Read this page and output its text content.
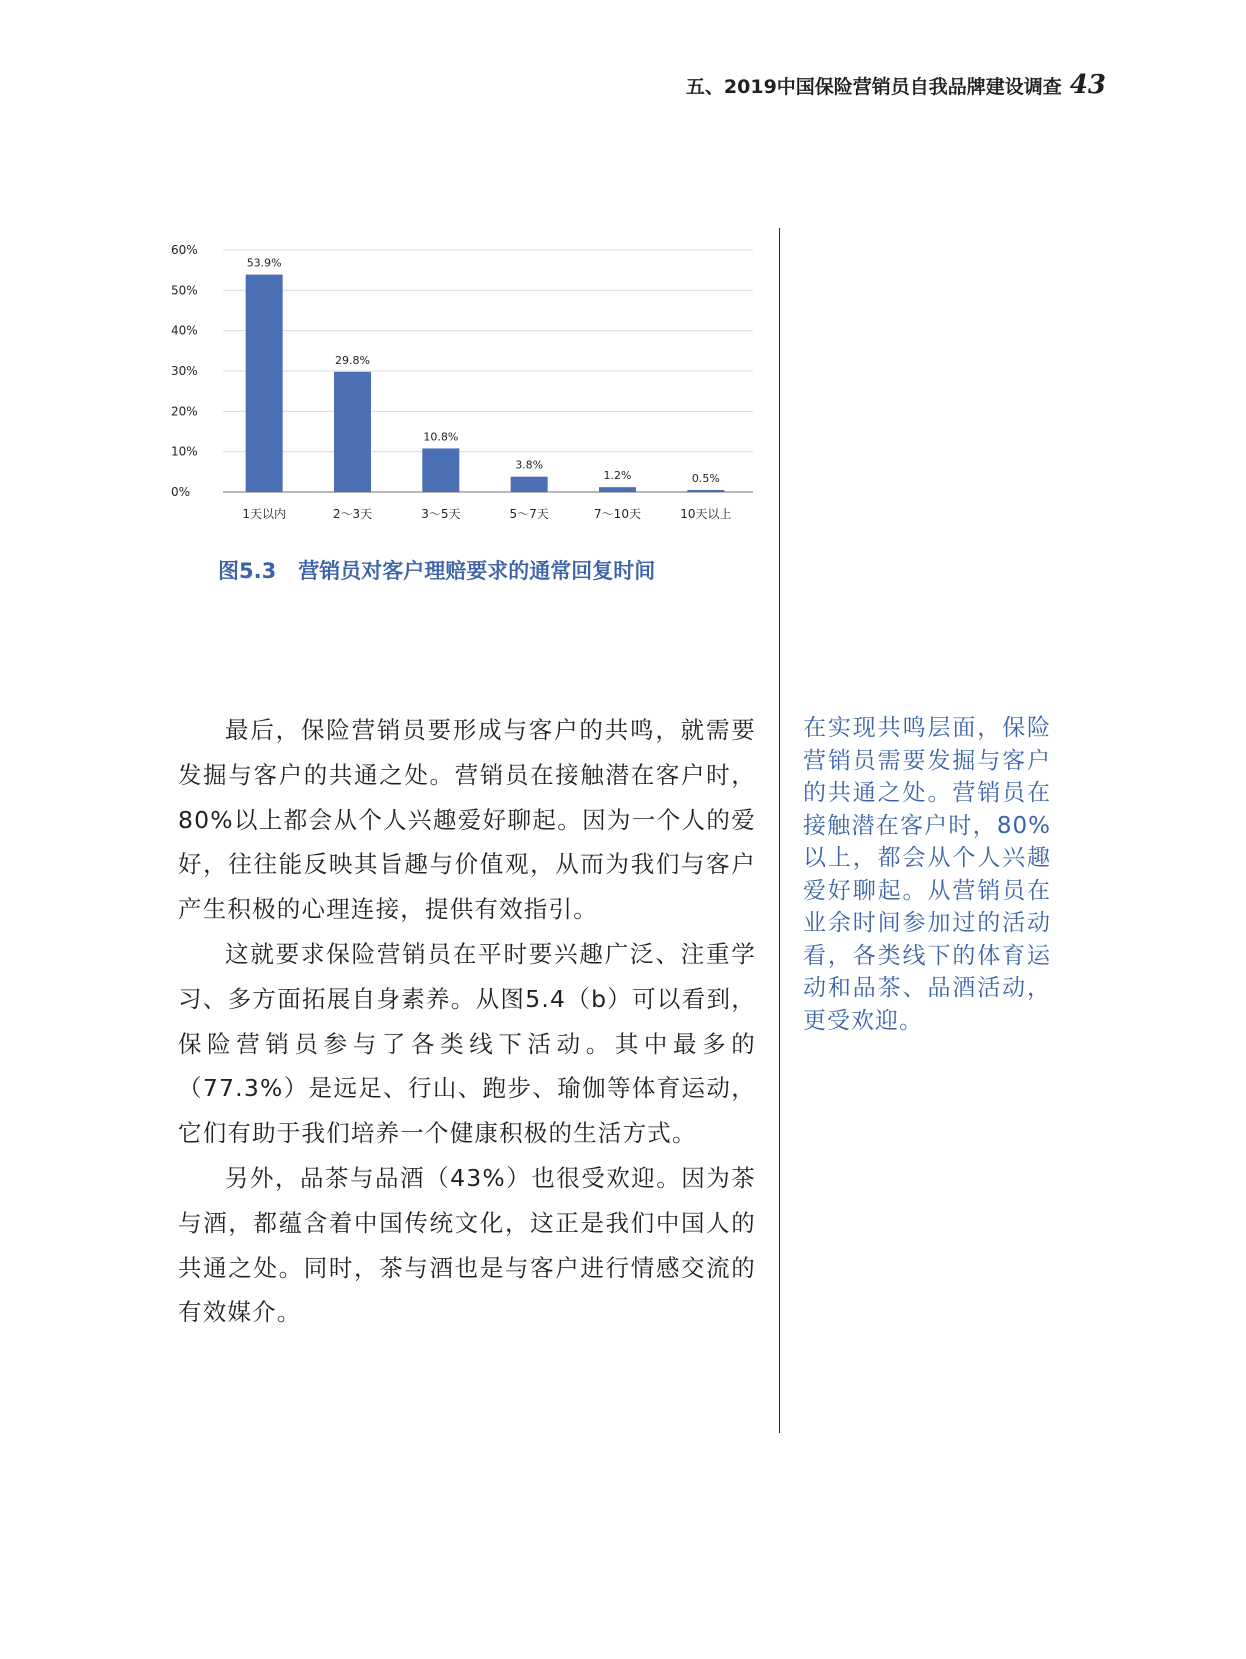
五、2019中国保险营销员自我品牌建设调查 43
0%
10%
20%
30%
40%
50%
60%
53.9%
29.8%
10.8%
3.8%
1.2%	0.5%
1天以内	2～3天	3～5天	5～7天	7～10天	10天以上
图5.3 营销员对客户理赔要求的通常回复时间

最后，保险营销员要形成与客户的共鸣，就需要发掘与客户的共通之处。营销员在接触潜在客户时，80%以上都会从个人兴趣爱好聊起。因为一个人的爱好，往往能反映其旨趣与价值观，从而为我们与客户产生积极的心理连接，提供有效指引。

这就要求保险营销员在平时要兴趣广泛、注重学习、多方面拓展自身素养。从图5.4（b）可以看到，保险营销员参与了各类线下活动。其中最多的（77.3%）是远足、行山、跑步、瑜伽等体育运动，它们有助于我们培养一个健康积极的生活方式。

另外，品茶与品酒（43%）也很受欢迎。因为茶与酒，都蕴含着中国传统文化，这正是我们中国人的共通之处。同时，茶与酒也是与客户进行情感交流的有效媒介。

在实现共鸣层面，保险营销员需要发掘与客户的共通之处。营销员在接触潜在客户时，80%以上，都会从个人兴趣爱好聊起。从营销员在业余时间参加过的活动看，各类线下的体育运动和品茶、品酒活动，更受欢迎。
